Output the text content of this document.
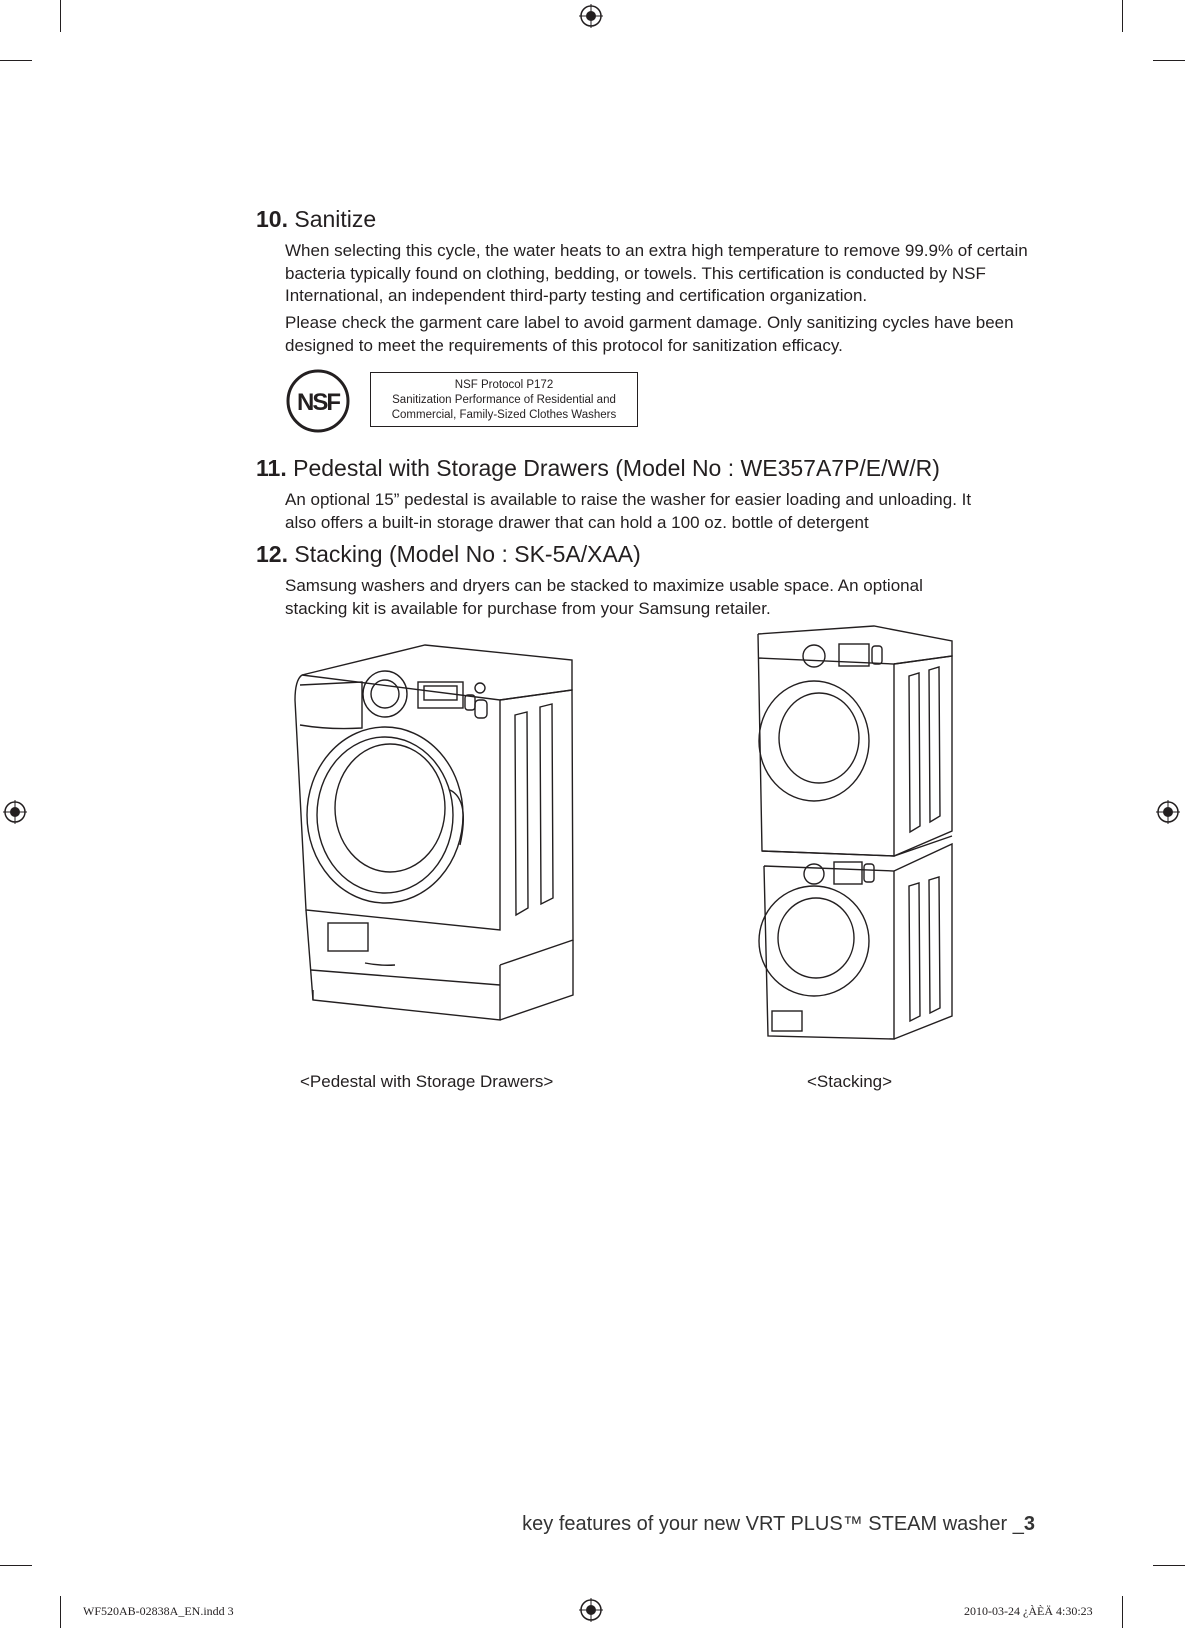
10. Sanitize
When selecting this cycle, the water heats to an extra high temperature to remove 99.9% of certain bacteria typically found on clothing, bedding, or towels. This certification is conducted by NSF International, an independent third-party testing and certification organization.
Please check the garment care label to avoid garment damage. Only sanitizing cycles have been designed to meet the requirements of this protocol for sanitization efficacy.
NSF
NSF Protocol P172
Sanitization Performance of Residential and
Commercial, Family-Sized Clothes Washers
11. Pedestal with Storage Drawers (Model No : WE357A7P/E/W/R)
An optional 15” pedestal is available to raise the washer for easier loading and unloading. It also offers a built-in storage drawer that can hold a 100 oz. bottle of detergent
12. Stacking (Model No : SK-5A/XAA)
Samsung washers and dryers can be stacked to maximize usable space. An optional stacking kit is available for purchase from your Samsung retailer.
<Pedestal with Storage Drawers>	<Stacking>
key features of your new VRT PLUS™ STEAM washer _3
WF520AB-02838A_EN.indd 3	2010-03-24 ¿ÀÈÄ 4:30:23
